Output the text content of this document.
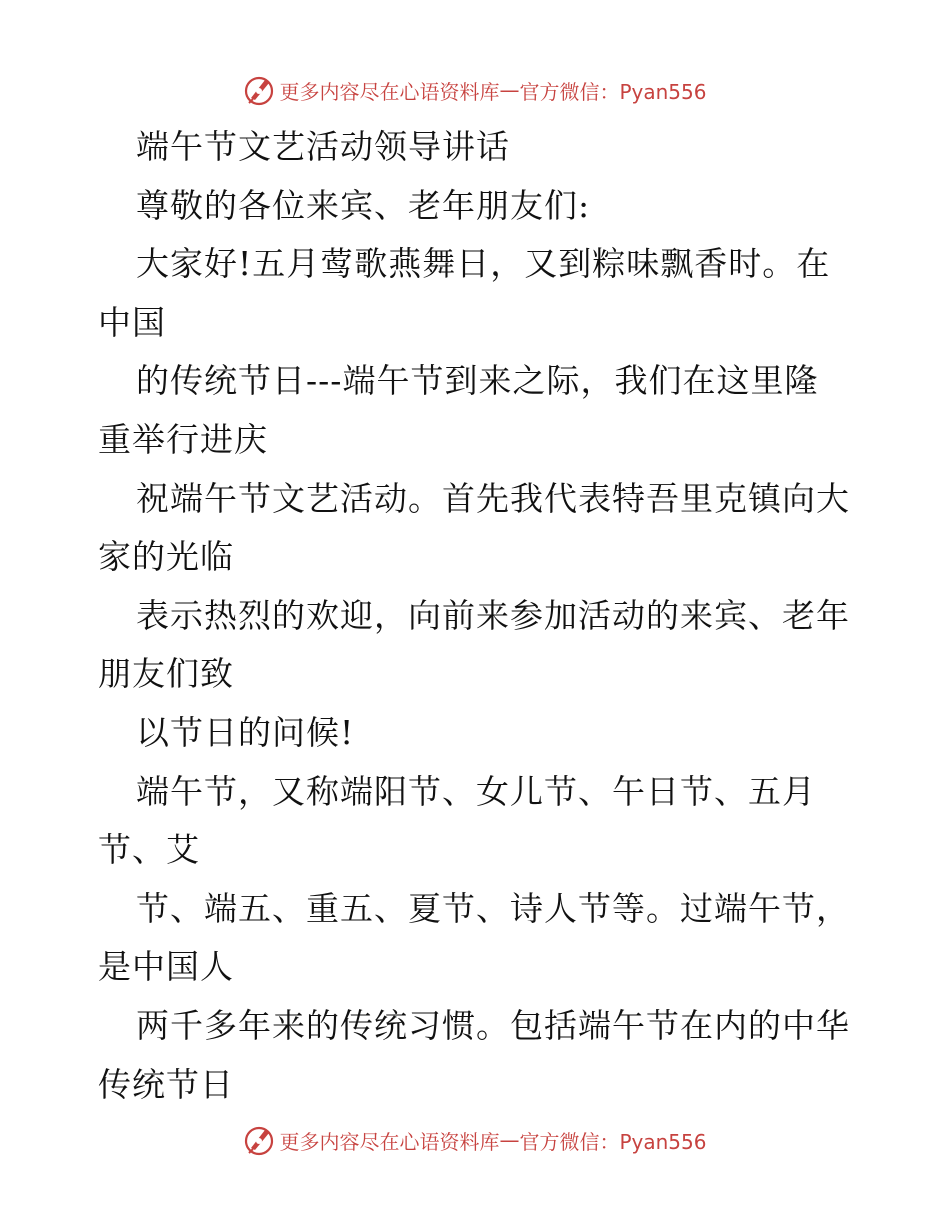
更多内容尽在心语资料库 — 官方微信：Pyan556
端午节文艺活动领导讲话
尊敬的各位来宾、老年朋友们:
大家好!五月莺歌燕舞日，又到粽味飘香时。在
中国
的传统节日---端午节到来之际，我们在这里隆
重举行进庆
祝端午节文艺活动。首先我代表特吾里克镇向大
家的光临
表示热烈的欢迎，向前来参加活动的来宾、老年
朋友们致
以节日的问候!
端午节，又称端阳节、女儿节、午日节、五月
节、艾
节、端五、重五、夏节、诗人节等。过端午节，
是中国人
两千多年来的传统习惯。包括端午节在内的中华
传统节日
更多内容尽在心语资料库 — 官方微信：Pyan556
